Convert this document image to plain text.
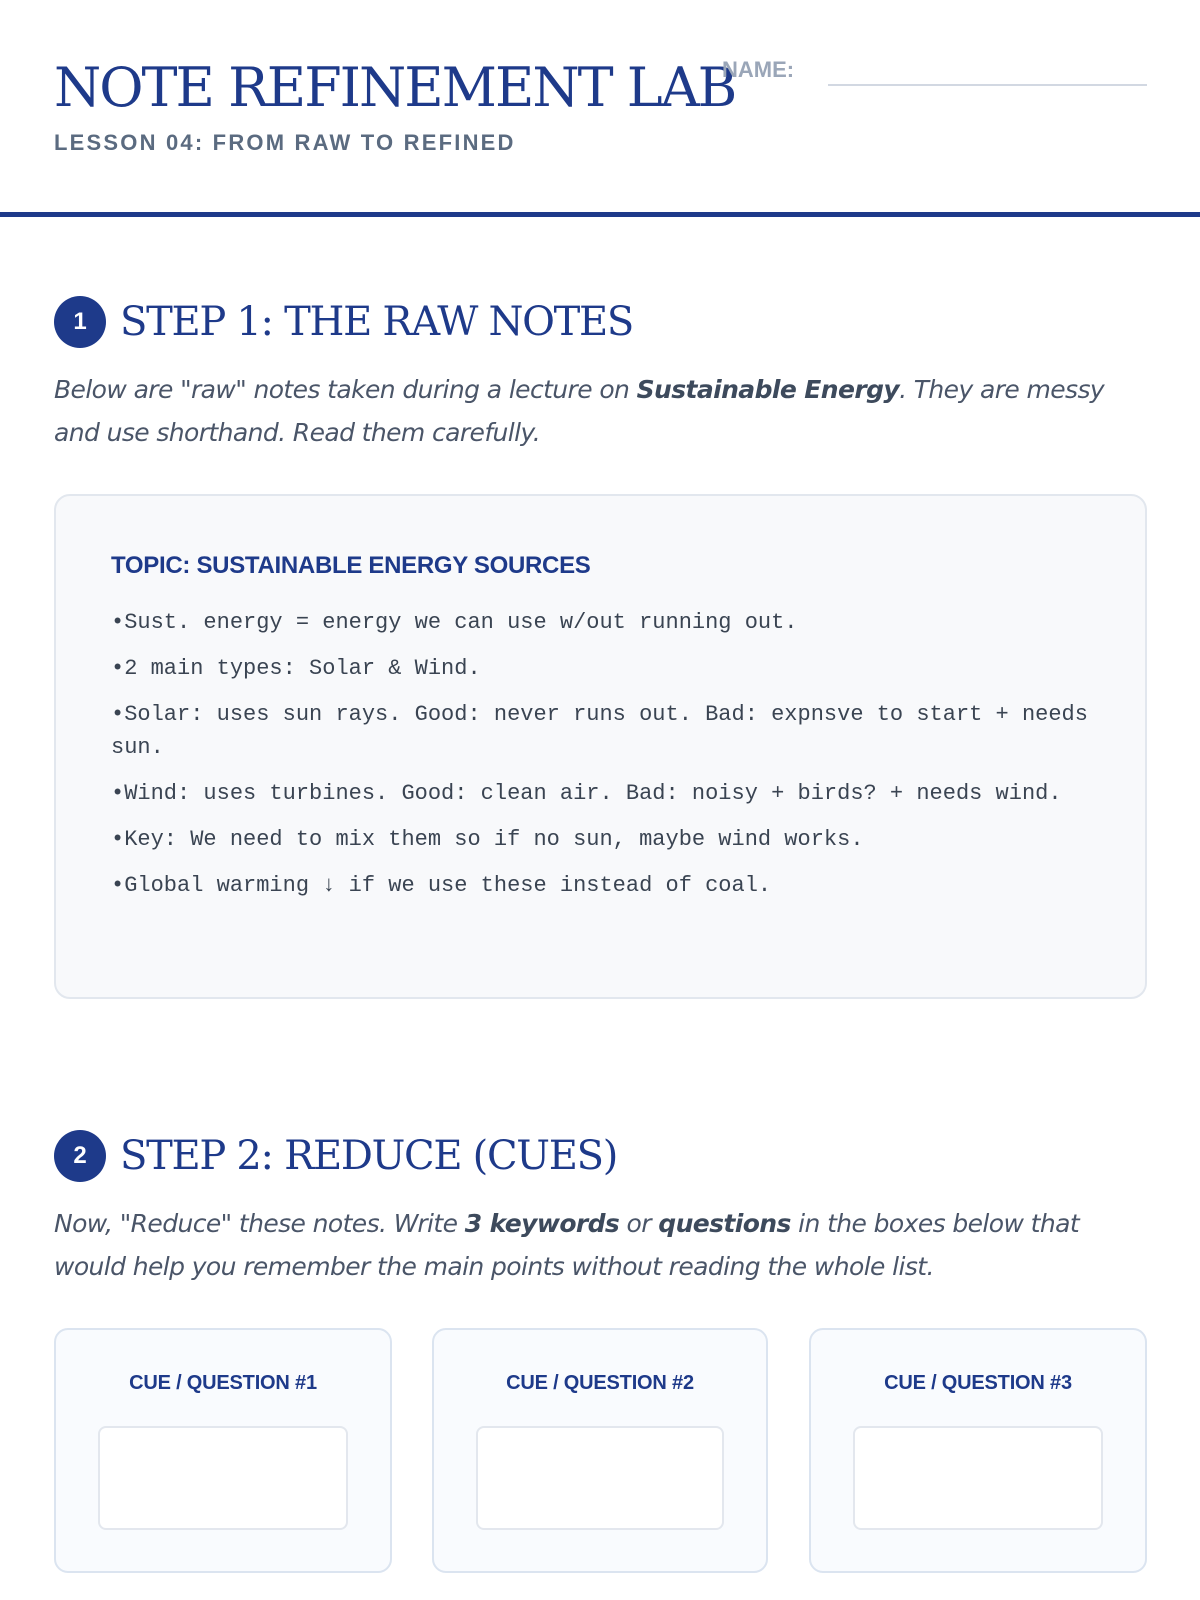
NOTE REFINEMENT LAB
LESSON 04: FROM RAW TO REFINED
NAME:
1 STEP 1: THE RAW NOTES
Below are "raw" notes taken during a lecture on Sustainable Energy. They are messy and use shorthand. Read them carefully.
TOPIC: SUSTAINABLE ENERGY SOURCES
• Sust. energy = energy we can use w/out running out.
• 2 main types: Solar & Wind.
• Solar: uses sun rays. Good: never runs out. Bad: expnsve to start + needs sun.
• Wind: uses turbines. Good: clean air. Bad: noisy + birds? + needs wind.
• Key: We need to mix them so if no sun, maybe wind works.
• Global warming ↓ if we use these instead of coal.
2 STEP 2: REDUCE (CUES)
Now, "Reduce" these notes. Write 3 keywords or questions in the boxes below that would help you remember the main points without reading the whole list.
CUE / QUESTION #1	CUE / QUESTION #2	CUE / QUESTION #3
